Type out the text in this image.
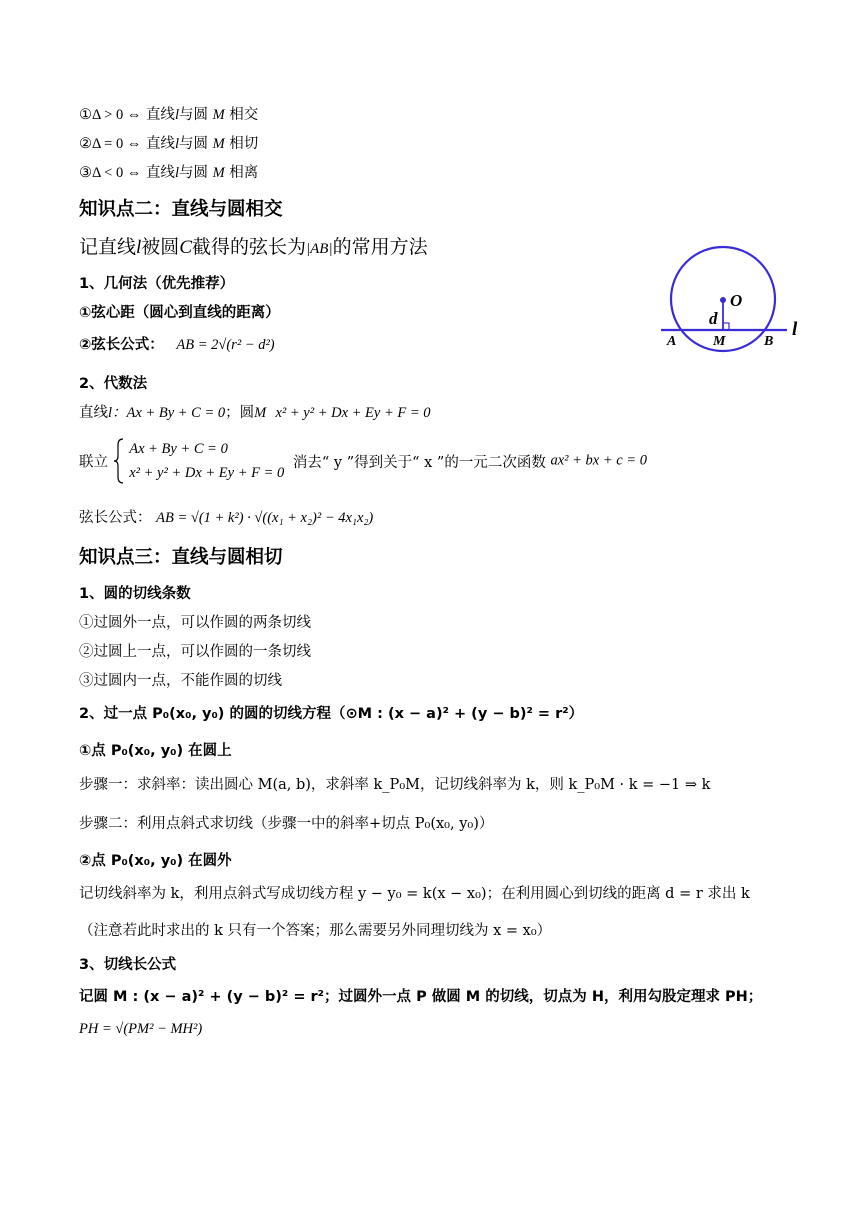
①Δ > 0 ⇔ 直线l与圆 M 相交
②Δ = 0 ⇔ 直线l与圆 M 相切
③Δ < 0 ⇔ 直线l与圆 M 相离
知识点二：直线与圆相交
记直线l被圆C截得的弦长为|AB|的常用方法
1、几何法（优先推荐）
①弦心距（圆心到直线的距离）
②弦长公式： AB = 2√(r² − d²)
2、代数法
直线l：Ax + By + C = 0；圆M x² + y² + Dx + Ey + F = 0
联立
Ax + By + C = 0
x² + y² + Dx + Ey + F = 0
消去“ y ”得到关于“ x ”的一元二次函数 ax² + bx + c = 0
弦长公式： AB = √(1 + k²) · √((x₁ + x₂)² − 4x₁x₂)
O
d
A	M	B
l
知识点三：直线与圆相切
1、圆的切线条数
①过圆外一点，可以作圆的两条切线
②过圆上一点，可以作圆的一条切线
③过圆内一点，不能作圆的切线
2、过一点 P₀(x₀, y₀) 的圆的切线方程（⊙M : (x − a)² + (y − b)² = r²）
①点 P₀(x₀, y₀) 在圆上
步骤一：求斜率：读出圆心 M(a, b)，求斜率 k_P₀M，记切线斜率为 k，则 k_P₀M · k = −1 ⇒ k
步骤二：利用点斜式求切线（步骤一中的斜率+切点 P₀(x₀, y₀)）
②点 P₀(x₀, y₀) 在圆外
记切线斜率为 k，利用点斜式写成切线方程 y − y₀ = k(x − x₀)；在利用圆心到切线的距离 d = r 求出 k
（注意若此时求出的 k 只有一个答案；那么需要另外同理切线为 x = x₀）
3、切线长公式
记圆 M : (x − a)² + (y − b)² = r²；过圆外一点 P 做圆 M 的切线，切点为 H，利用勾股定理求 PH；
PH = √(PM² − MH²)
